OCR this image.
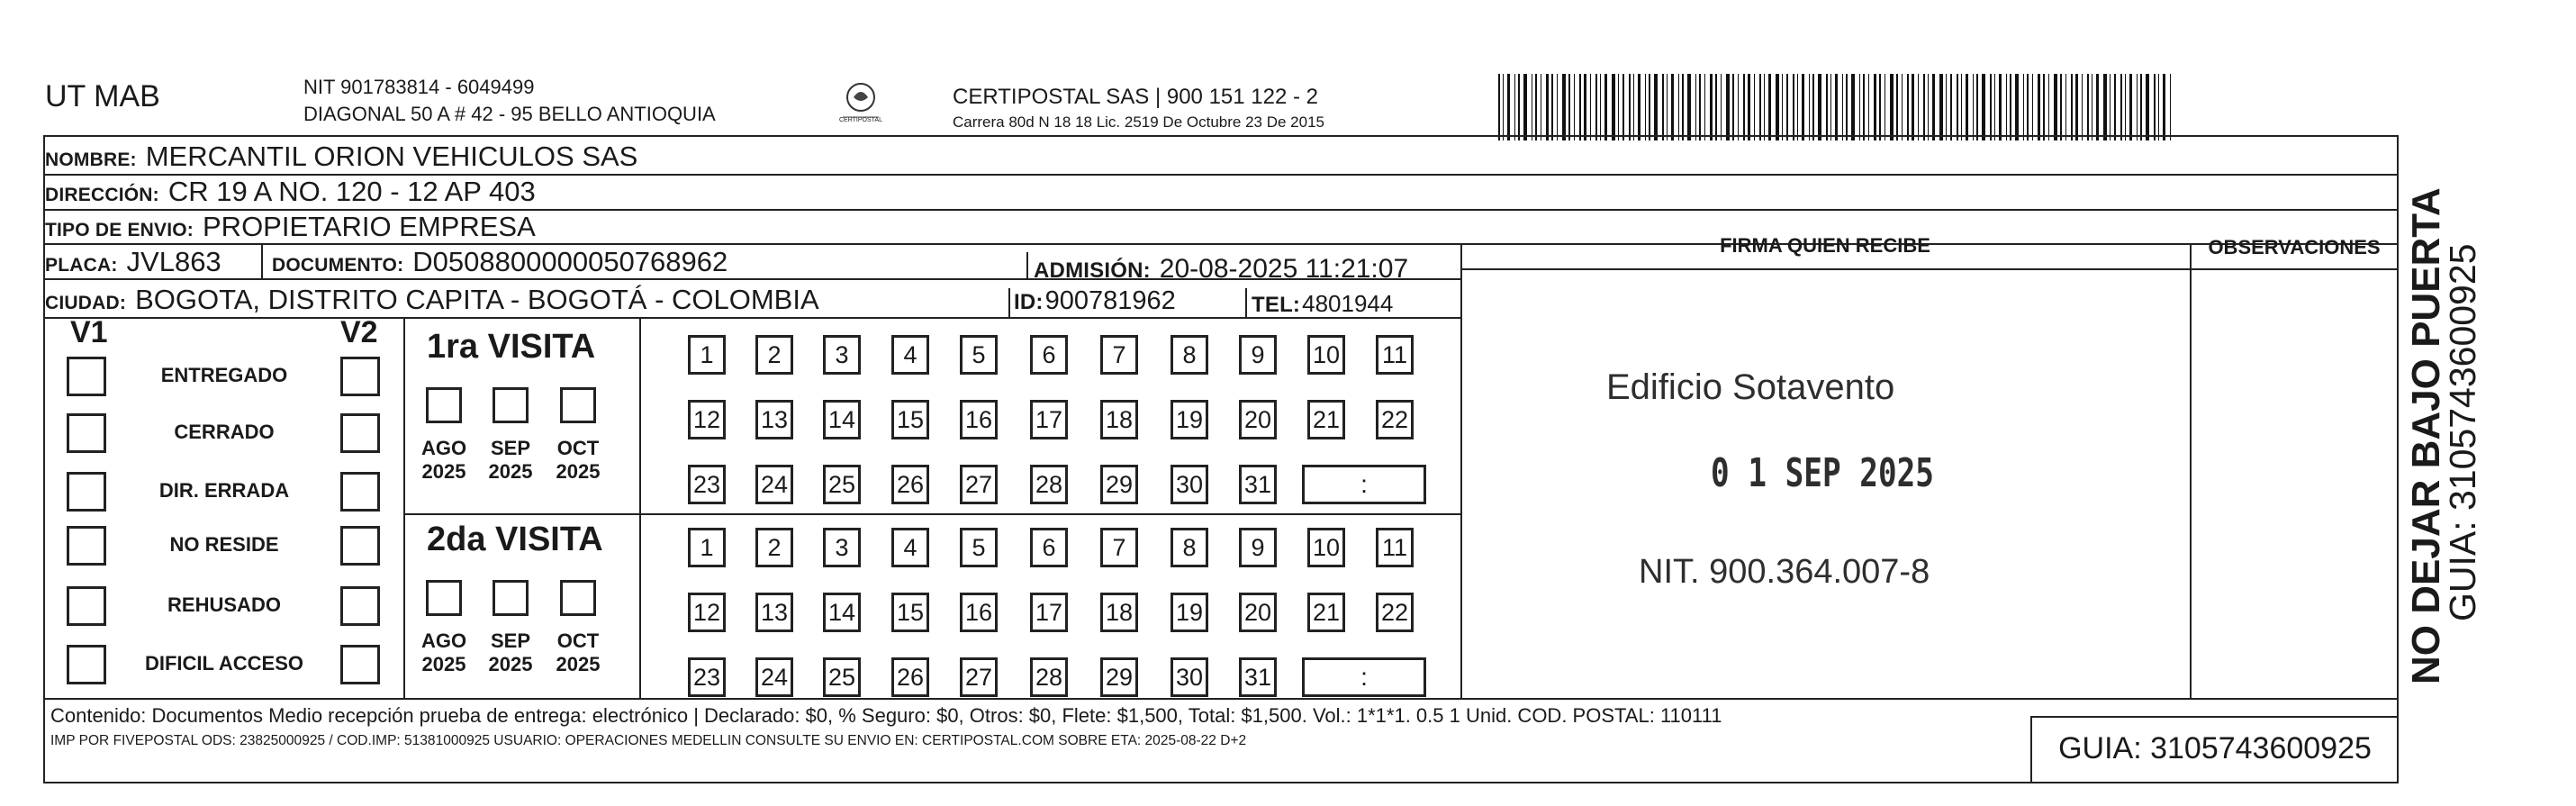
UT MAB	NIT 901783814 - 6049499
DIAGONAL 50 A # 42 - 95 BELLO ANTIOQUIA	CERTIPOSTAL
CERTIPOSTAL SAS | 900 151 122 - 2
Carrera 80d N 18 18 Lic. 2519 De Octubre 23 De 2015
NOMBRE: MERCANTIL ORION VEHICULOS SAS
DIRECCIÓN: CR 19 A NO. 120 - 12 AP 403
TIPO DE ENVIO: PROPIETARIO EMPRESA
PLACA: JVL863	DOCUMENTO: D0508800000050768962	ADMISIÓN: 20-08-2025 11:21:07
CIUDAD: BOGOTA, DISTRITO CAPITA - BOGOTÁ - COLOMBIA	ID: 900781962	TEL: 4801944
V1	V2
ENTREGADO
CERRADO
DIR. ERRADA
NO RESIDE
REHUSADO
DIFICIL ACCESO
1ra VISITA
AGO
2025
SEP
2025
OCT
2025
1	2	3	4	5	6	7	8	9	10 11
12 13 14 15 16 17 18 19 20 21 22
23 24 25 26 27 28 29 30 31	:
2da VISITA
AGO
2025
SEP
2025
OCT
2025
1	2	3	4	5	6	7	8	9	10 11
12 13 14 15 16 17 18 19 20 21 22
23 24 25 26 27 28 29 30 31	:
FIRMA QUIEN RECIBE
Edificio Sotavento
0 1 SEP 2025
NIT. 900.364.007-8
OBSERVACIONES
Contenido: Documentos Medio recepción prueba de entrega: electrónico | Declarado: $0, % Seguro: $0, Otros: $0, Flete: $1,500, Total: $1,500. Vol.: 1*1*1. 0.5 1 Unid. COD. POSTAL: 110111
IMP POR FIVEPOSTAL ODS: 23825000925 / COD.IMP: 51381000925 USUARIO: OPERACIONES MEDELLIN CONSULTE SU ENVIO EN: CERTIPOSTAL.COM SOBRE ETA: 2025-08-22 D+2	GUIA: 3105743600925
NO DEJAR BAJO PUERTA
GUIA: 3105743600925
